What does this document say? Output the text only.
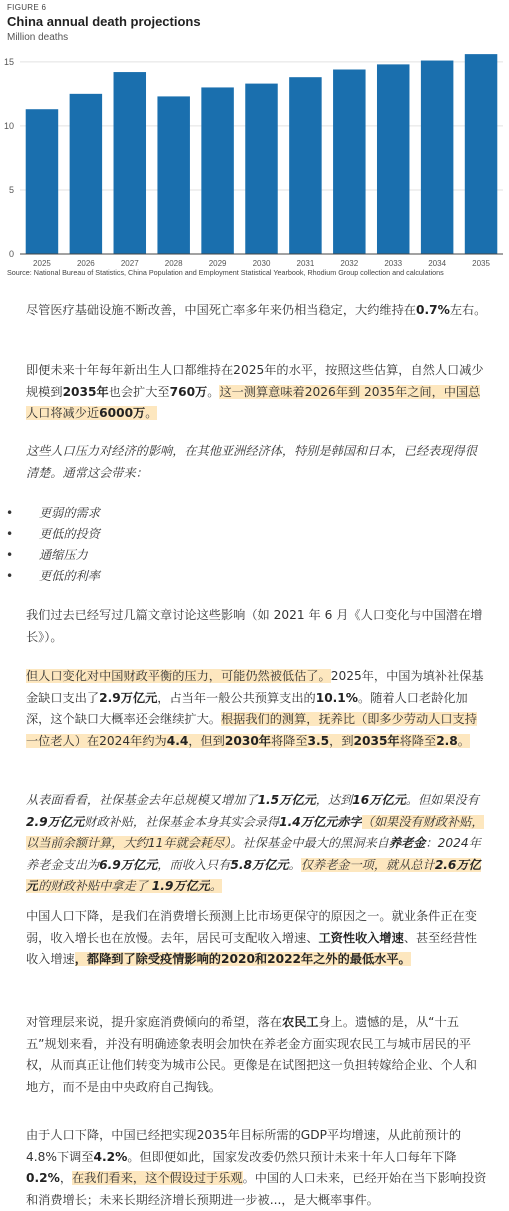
FIGURE 6
China annual death projections
Million deaths
0
5
10
15
2025	2026	2027	2028	2029	2030	2031	2032	2033	2034	2035
Source: National Bureau of Statistics, China Population and Employment Statistical Yearbook, Rhodium Group collection and calculations

尽管医疗基础设施不断改善，中国死亡率多年来仍相当稳定，大约维持在0.7%左右。

即便未来十年每年新出生人口都维持在2025年的水平，按照这些估算，自然人口减少规模到2035年也会扩大至760万。这一测算意味着2026年到 2035年之间，中国总人口将减少近6000万。

这些人口压力对经济的影响，在其他亚洲经济体，特别是韩国和日本，已经表现得很清楚。通常这会带来：

• 更弱的需求
• 更低的投资
• 通缩压力
• 更低的利率

我们过去已经写过几篇文章讨论这些影响（如 2021 年 6 月《人口变化与中国潜在增长》）。

但人口变化对中国财政平衡的压力，可能仍然被低估了。2025年，中国为填补社保基金缺口支出了2.9万亿元，占当年一般公共预算支出的10.1%。随着人口老龄化加深，这个缺口大概率还会继续扩大。根据我们的测算，抚养比（即多少劳动人口支持一位老人）在2024年约为4.4，但到2030年将降至3.5，到2035年将降至2.8。

从表面看看，社保基金去年总规模又增加了1.5万亿元，达到16万亿元。但如果没有2.9万亿元财政补贴，社保基金本身其实会录得1.4万亿元赤字（如果没有财政补贴，以当前余额计算，大约11年就会耗尽）。社保基金中最大的黑洞来自养老金：2024年养老金支出为6.9万亿元，而收入只有5.8万亿元。仅养老金一项，就从总计2.6万亿元的财政补贴中拿走了 1.9万亿元。

中国人口下降，是我们在消费增长预测上比市场更保守的原因之一。就业条件正在变弱，收入增长也在放慢。去年，居民可支配收入增速、工资性收入增速、甚至经营性收入增速，都降到了除受疫情影响的2020和2022年之外的最低水平。

对管理层来说，提升家庭消费倾向的希望，落在农民工身上。遗憾的是，从“十五五”规划来看，并没有明确迹象表明会加快在养老金方面实现农民工与城市居民的平权，从而真正让他们转变为城市公民。更像是在试图把这一负担转嫁给企业、个人和地方，而不是由中央政府自己掏钱。

由于人口下降，中国已经把实现2035年目标所需的GDP平均增速，从此前预计的4.8%下调至4.2%。但即便如此，国家发改委仍然只预计未来十年人口每年下降0.2%，在我们看来，这个假设过于乐观。中国的人口未来，已经开始在当下影响投资和消费增长；未来长期经济增长预期进一步被...，是大概率事件。
